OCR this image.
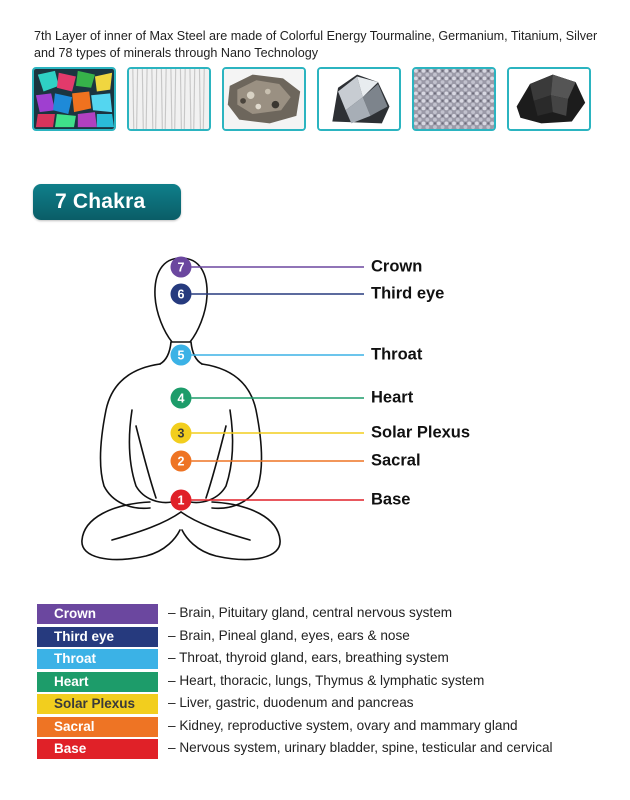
7th Layer of inner of Max Steel are made of Colorful Energy Tourmaline, Germanium, Titanium, Silver and 78 types of minerals through Nano Technology
7 Chakra
7
6
5
4
3
2
1
Crown
Third eye
Throat
Heart
Solar Plexus
Sacral
Base
Crown	– Brain, Pituitary gland, central nervous system
Third eye	– Brain, Pineal gland, eyes, ears & nose
Throat	– Throat, thyroid gland, ears, breathing system
Heart	– Heart, thoracic, lungs, Thymus & lymphatic system
Solar Plexus	– Liver, gastric, duodenum and pancreas
Sacral	– Kidney, reproductive system, ovary and mammary gland
Base	– Nervous system, urinary bladder, spine, testicular and cervical
